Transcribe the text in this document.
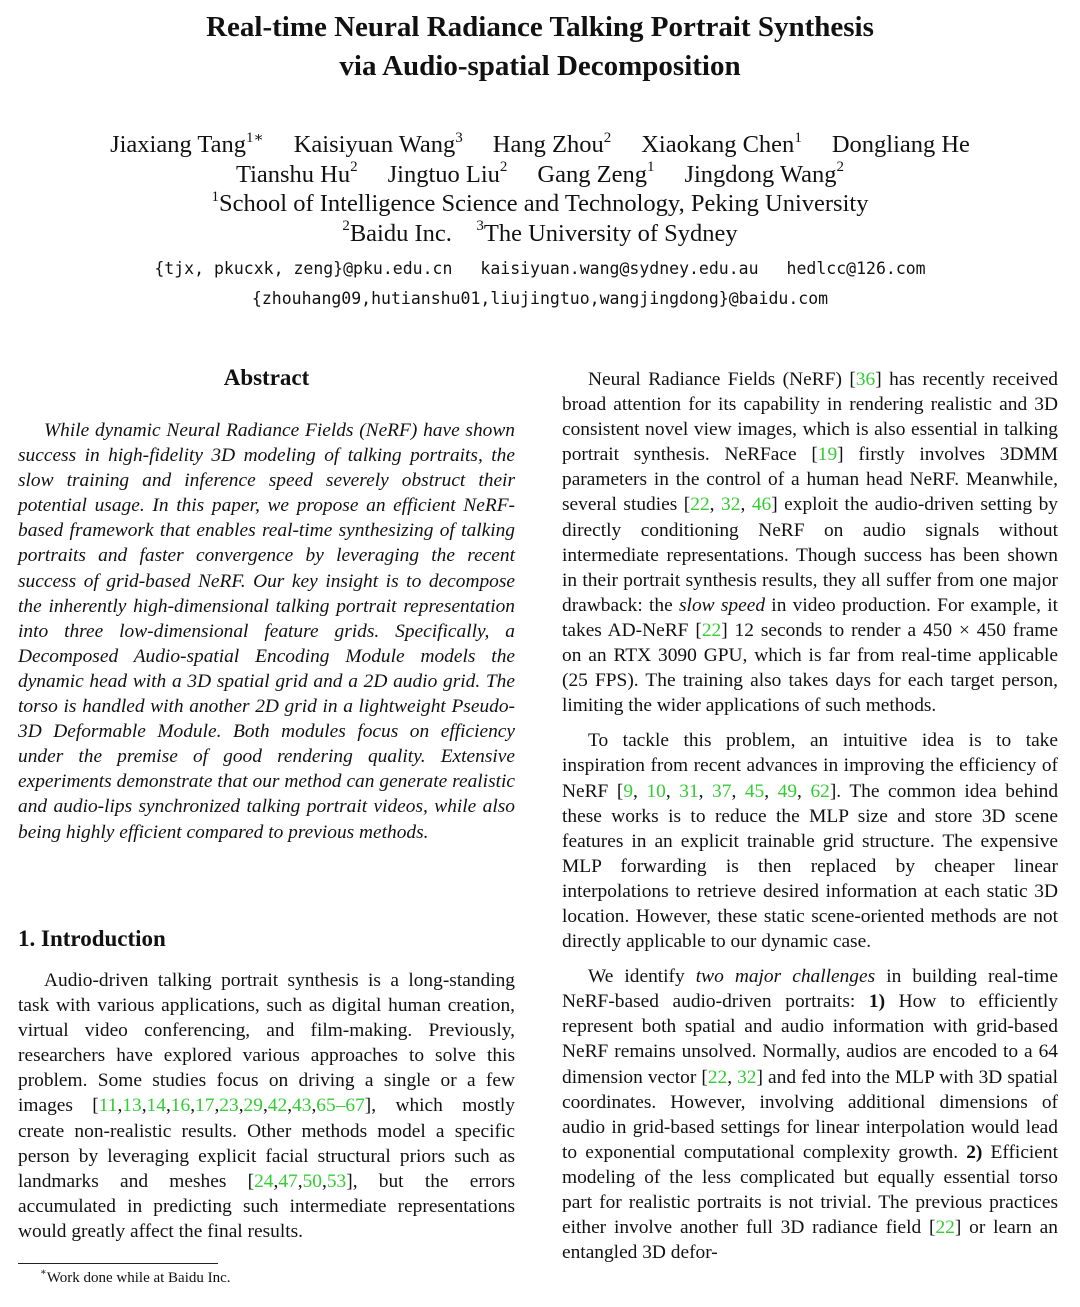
Real-time Neural Radiance Talking Portrait Synthesis
via Audio-spatial Decomposition
Jiaxiang Tang$^{1∗}$ Kaisiyuan Wang$^3$ Hang Zhou$^2$ Xiaokang Chen$^1$ Dongliang He
Tianshu Hu$^2$ Jingtuo Liu$^2$ Gang Zeng$^1$ Jingdong Wang$^2$
$^1$School of Intelligence Science and Technology, Peking University
$^2$Baidu Inc. $^3$The University of Sydney
{tjx, pkucxk, zeng}@pku.edu.cn kaisiyuan.wang@sydney.edu.au hedlcc@126.com
{zhouhang09,hutianshu01,liujingtuo,wangjingdong}@baidu.com
Abstract
While dynamic Neural Radiance Fields (NeRF) have shown success in high-fidelity 3D modeling of talking portraits, the slow training and inference speed severely obstruct their potential usage. In this paper, we propose an efficient NeRF-based framework that enables real-time synthesizing of talking portraits and faster convergence by leveraging the recent success of grid-based NeRF. Our key insight is to decompose the inherently high-dimensional talking portrait representation into three low-dimensional feature grids. Specifically, a Decomposed Audio-spatial Encoding Module models the dynamic head with a 3D spatial grid and a 2D audio grid. The torso is handled with another 2D grid in a lightweight Pseudo-3D Deformable Module. Both modules focus on efficiency under the premise of good rendering quality. Extensive experiments demonstrate that our method can generate realistic and audio-lips synchronized talking portrait videos, while also being highly efficient compared to previous methods.
1. Introduction

Audio-driven talking portrait synthesis is a long-standing task with various applications, such as digital human creation, virtual video conferencing, and film-making. Previously, researchers have explored various approaches to solve this problem. Some studies focus on driving a single or a few images [11,13,14,16,17,23,29,42,43,65–67], which mostly create non-realistic results. Other methods model a specific person by leveraging explicit facial structural priors such as landmarks and meshes [24,47,50,53], but the errors accumulated in predicting such intermediate representations would greatly affect the final results.

Neural Radiance Fields (NeRF) [36] has recently received broad attention for its capability in rendering realistic and 3D consistent novel view images, which is also essential in talking portrait synthesis. NeRFace [19] firstly involves 3DMM parameters in the control of a human head NeRF. Meanwhile, several studies [22, 32, 46] exploit the audio-driven setting by directly conditioning NeRF on audio signals without intermediate representations. Though success has been shown in their portrait synthesis results, they all suffer from one major drawback: the slow speed in video production. For example, it takes AD-NeRF [22] 12 seconds to render a 450 × 450 frame on an RTX 3090 GPU, which is far from real-time applicable (25 FPS). The training also takes days for each target person, limiting the wider applications of such methods.

To tackle this problem, an intuitive idea is to take inspiration from recent advances in improving the efficiency of NeRF [9, 10, 31, 37, 45, 49, 62]. The common idea behind these works is to reduce the MLP size and store 3D scene features in an explicit trainable grid structure. The expensive MLP forwarding is then replaced by cheaper linear interpolations to retrieve desired information at each static 3D location. However, these static scene-oriented methods are not directly applicable to our dynamic case.

We identify two major challenges in building real-time NeRF-based audio-driven portraits: 1) How to efficiently represent both spatial and audio information with grid-based NeRF remains unsolved. Normally, audios are encoded to a 64 dimension vector [22, 32] and fed into the MLP with 3D spatial coordinates. However, involving additional dimensions of audio in grid-based settings for linear interpolation would lead to exponential computational complexity growth. 2) Efficient modeling of the less complicated but equally essential torso part for realistic portraits is not trivial. The previous practices either involve another full 3D radiance field [22] or learn an entangled 3D defor-

∗Work done while at Baidu Inc.
